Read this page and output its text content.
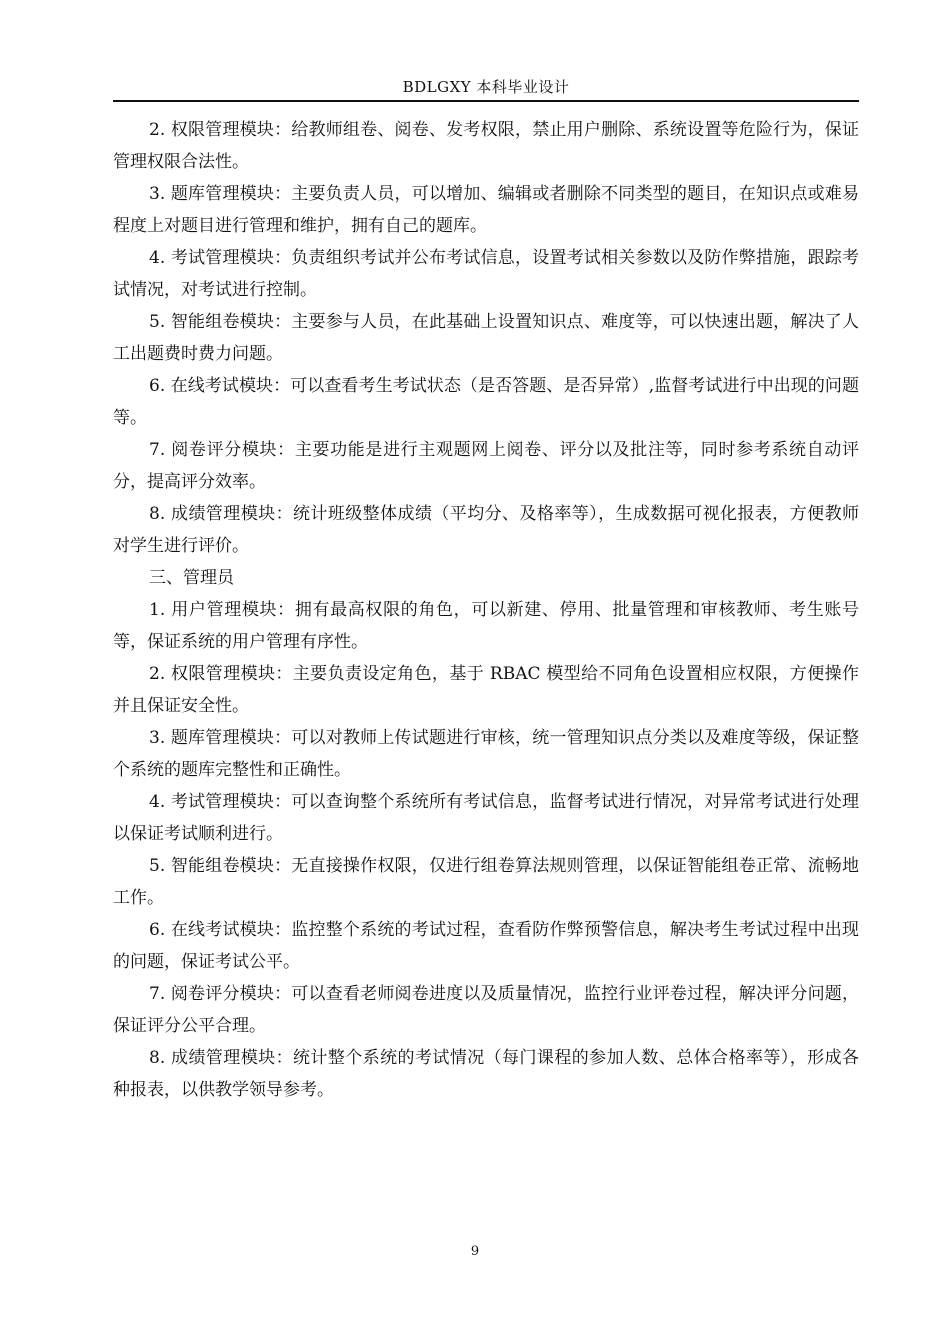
BDLGXY 本科毕业设计

2. 权限管理模块：给教师组卷、阅卷、发考权限，禁止用户删除、系统设置等危险行为，保证管理权限合法性。

3. 题库管理模块：主要负责人员，可以增加、编辑或者删除不同类型的题目，在知识点或难易程度上对题目进行管理和维护，拥有自己的题库。

4. 考试管理模块：负责组织考试并公布考试信息，设置考试相关参数以及防作弊措施，跟踪考试情况，对考试进行控制。

5. 智能组卷模块：主要参与人员，在此基础上设置知识点、难度等，可以快速出题，解决了人工出题费时费力问题。

6. 在线考试模块：可以查看考生考试状态（是否答题、是否异常）,监督考试进行中出现的问题等。

7. 阅卷评分模块：主要功能是进行主观题网上阅卷、评分以及批注等，同时参考系统自动评分，提高评分效率。

8. 成绩管理模块：统计班级整体成绩（平均分、及格率等），生成数据可视化报表，方便教师对学生进行评价。

三、管理员

1. 用户管理模块：拥有最高权限的角色，可以新建、停用、批量管理和审核教师、考生账号等，保证系统的用户管理有序性。

2. 权限管理模块：主要负责设定角色，基于 RBAC 模型给不同角色设置相应权限，方便操作并且保证安全性。

3. 题库管理模块：可以对教师上传试题进行审核，统一管理知识点分类以及难度等级，保证整个系统的题库完整性和正确性。

4. 考试管理模块：可以查询整个系统所有考试信息，监督考试进行情况，对异常考试进行处理以保证考试顺利进行。

5. 智能组卷模块：无直接操作权限，仅进行组卷算法规则管理，以保证智能组卷正常、流畅地工作。

6. 在线考试模块：监控整个系统的考试过程，查看防作弊预警信息，解决考生考试过程中出现的问题，保证考试公平。

7. 阅卷评分模块：可以查看老师阅卷进度以及质量情况，监控行业评卷过程，解决评分问题，保证评分公平合理。

8. 成绩管理模块：统计整个系统的考试情况（每门课程的参加人数、总体合格率等），形成各种报表，以供教学领导参考。

9
